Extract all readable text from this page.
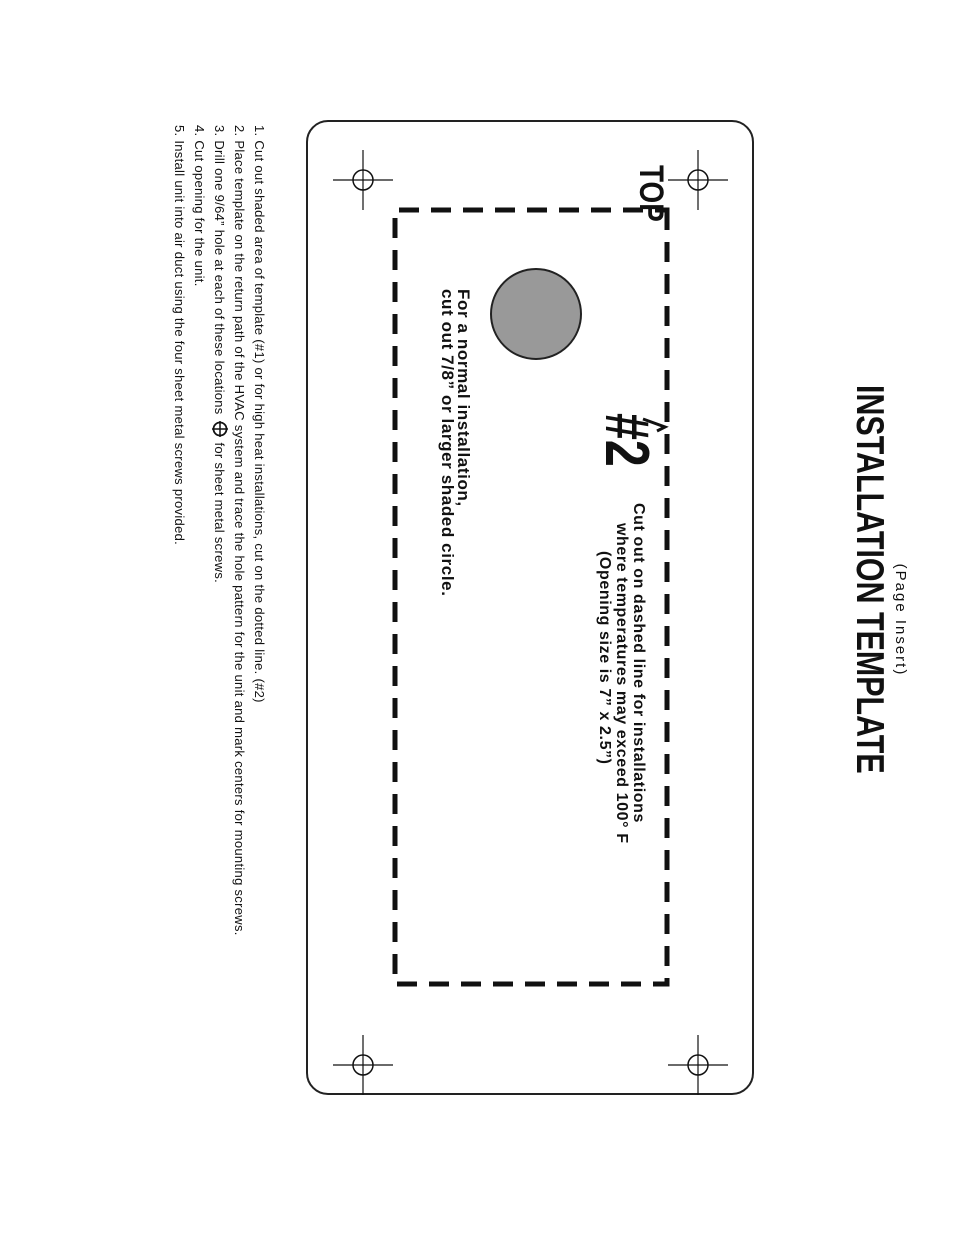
(Page Insert)
INSTALLATION TEMPLATE
TOP
#2
Cut out on dashed line for installations
where temperatures may exceed 100° F
(Opening size is 7” x 2.5”)
For a normal installation,
cut out 7/8” or larger shaded circle.
1. Cut out shaded area of template (#1) or for high heat installations, cut on the dotted line. (#2)
2. Place template on the return path of the HVAC system and trace the hole pattern for the unit and mark centers for mounting screws.
3. Drill one 9/64” hole at each of these locations  for sheet metal screws.
4. Cut opening for the unit.
5. Install unit into air duct using the four sheet metal screws provided.
